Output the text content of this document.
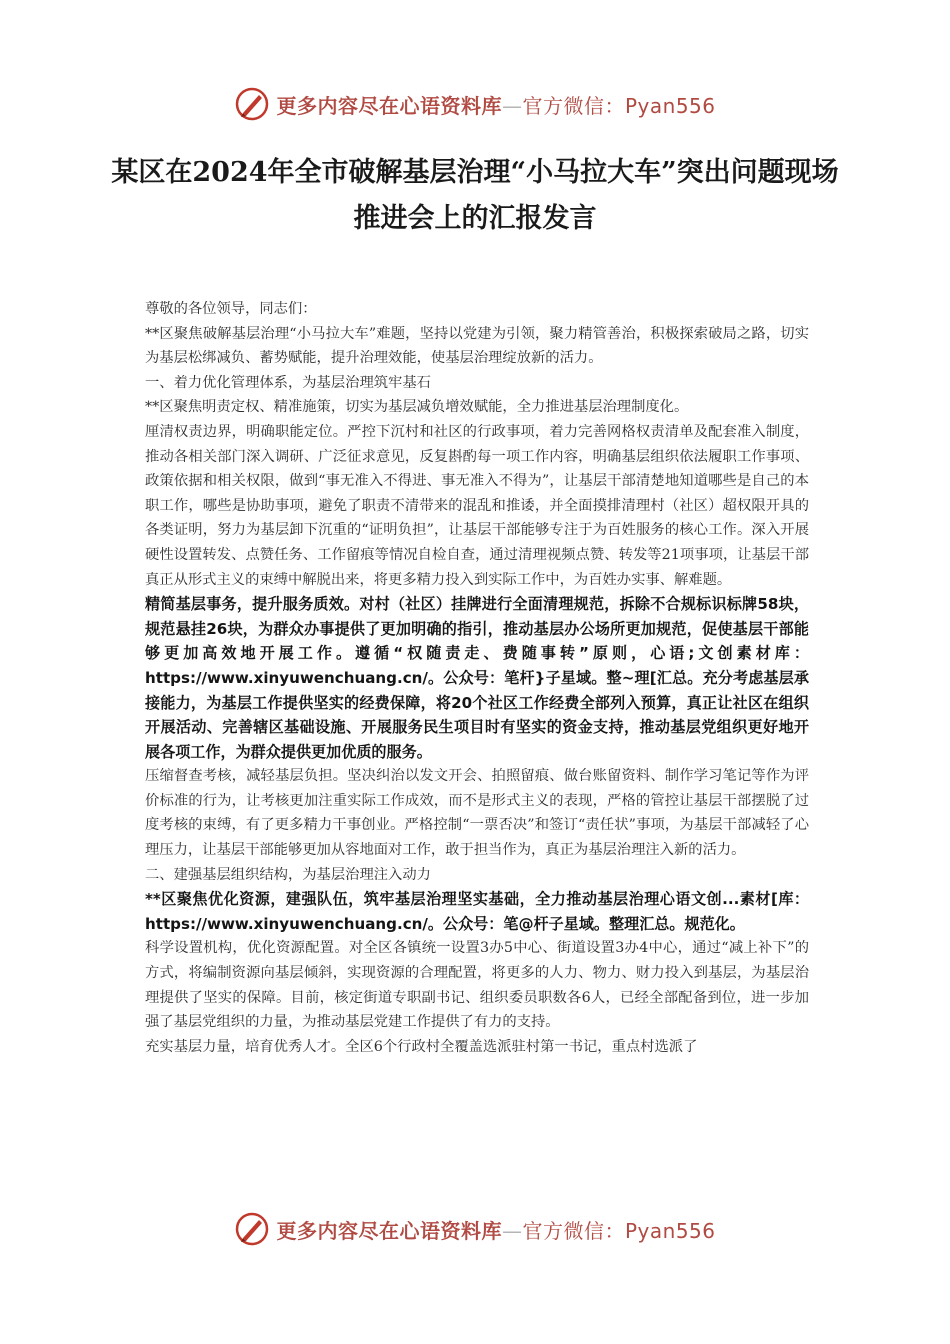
更多内容尽在心语资料库—官方微信：Pyan556
某区在2024年全市破解基层治理“小马拉大车”突出问题现场推进会上的汇报发言

尊敬的各位领导，同志们：

**区聚焦破解基层治理“小马拉大车”难题，坚持以党建为引领，聚力精管善治，积极探索破局之路，切实为基层松绑减负、蓄势赋能，提升治理效能，使基层治理绽放新的活力。

一、着力优化管理体系，为基层治理筑牢基石

**区聚焦明责定权、精准施策，切实为基层减负增效赋能，全力推进基层治理制度化。

厘清权责边界，明确职能定位。严控下沉村和社区的行政事项，着力完善网格权责清单及配套准入制度，推动各相关部门深入调研、广泛征求意见，反复斟酌每一项工作内容，明确基层组织依法履职工作事项、政策依据和相关权限，做到“事无准入不得进、事无准入不得为”，让基层干部清楚地知道哪些是自己的本职工作，哪些是协助事项，避免了职责不清带来的混乱和推诿，并全面摸排清理村（社区）超权限开具的各类证明，努力为基层卸下沉重的“证明负担”，让基层干部能够专注于为百姓服务的核心工作。深入开展硬性设置转发、点赞任务、工作留痕等情况自检自查，通过清理视频点赞、转发等21项事项，让基层干部真正从形式主义的束缚中解脱出来，将更多精力投入到实际工作中，为百姓办实事、解难题。

精简基层事务，提升服务质效。对村（社区）挂牌进行全面清理规范，拆除不合规标识标牌58块，规范悬挂26块，为群众办事提供了更加明确的指引，推动基层办公场所更加规范，促使基层干部能够更加高效地开展工作。遵循“权随责走、费随事转”原则，心语;文创素材库：https://www.xinyuwenchuang.cn/。公众号：笔杆}子星域。整~理[汇总。充分考虑基层承接能力，为基层工作提供坚实的经费保障，将20个社区工作经费全部列入预算，真正让社区在组织开展活动、完善辖区基础设施、开展服务民生项目时有坚实的资金支持，推动基层党组织更好地开展各项工作，为群众提供更加优质的服务。

压缩督查考核，减轻基层负担。坚决纠治以发文开会、拍照留痕、做台账留资料、制作学习笔记等作为评价标准的行为，让考核更加注重实际工作成效，而不是形式主义的表现，严格的管控让基层干部摆脱了过度考核的束缚，有了更多精力干事创业。严格控制“一票否决”和签订“责任状”事项，为基层干部减轻了心理压力，让基层干部能够更加从容地面对工作，敢于担当作为，真正为基层治理注入新的活力。

二、建强基层组织结构，为基层治理注入动力

**区聚焦优化资源，建强队伍，筑牢基层治理坚实基础，全力推动基层治理心语文创...素材[库：https://www.xinyuwenchuang.cn/。公众号：笔@杆子星域。整理汇总。规范化。

科学设置机构，优化资源配置。对全区各镇统一设置3办5中心、街道设置3办4中心，通过“减上补下”的方式，将编制资源向基层倾斜，实现资源的合理配置，将更多的人力、物力、财力投入到基层，为基层治理提供了坚实的保障。目前，核定街道专职副书记、组织委员职数各6人，已经全部配备到位，进一步加强了基层党组织的力量，为推动基层党建工作提供了有力的支持。

充实基层力量，培育优秀人才。全区6个行政村全覆盖选派驻村第一书记，重点村选派了

更多内容尽在心语资料库—官方微信：Pyan556
